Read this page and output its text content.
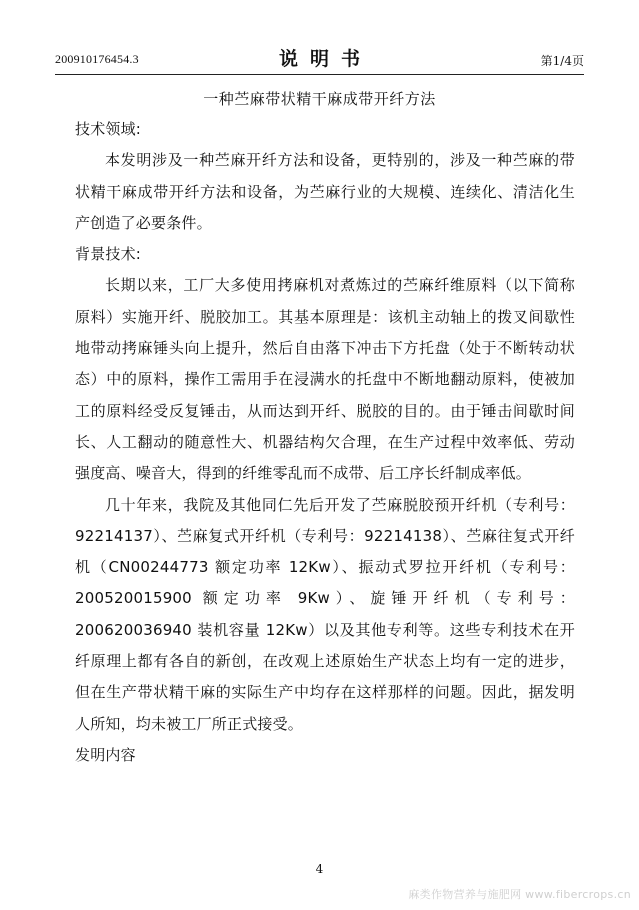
200910176454.3	说明书	第1/4页
一种苎麻带状精干麻成带开纤方法

技术领域:

本发明涉及一种苎麻开纤方法和设备，更特别的，涉及一种苎麻的带状精干麻成带开纤方法和设备，为苎麻行业的大规模、连续化、清洁化生产创造了必要条件。

背景技术:

长期以来，工厂大多使用拷麻机对煮炼过的苎麻纤维原料（以下简称原料）实施开纤、脱胶加工。其基本原理是：该机主动轴上的拨叉间歇性地带动拷麻锤头向上提升，然后自由落下冲击下方托盘（处于不断转动状态）中的原料，操作工需用手在浸满水的托盘中不断地翻动原料，使被加工的原料经受反复锤击，从而达到开纤、脱胶的目的。由于锤击间歇时间长、人工翻动的随意性大、机器结构欠合理，在生产过程中效率低、劳动强度高、噪音大，得到的纤维零乱而不成带、后工序长纤制成率低。

几十年来，我院及其他同仁先后开发了苎麻脱胶预开纤机（专利号：92214137）、苎麻复式开纤机（专利号：92214138）、苎麻往复式开纤机（CN00244773 额定功率 12Kw）、振动式罗拉开纤机（专利号：200520015900 额定功率 9Kw）、旋锤开纤机（专利号：200620036940 装机容量 12Kw）以及其他专利等。这些专利技术在开纤原理上都有各自的新创，在改观上述原始生产状态上均有一定的进步，但在生产带状精干麻的实际生产中均存在这样那样的问题。因此，据发明人所知，均未被工厂所正式接受。

发明内容

4
麻类作物营养与施肥网 www.fibercrops.cn
